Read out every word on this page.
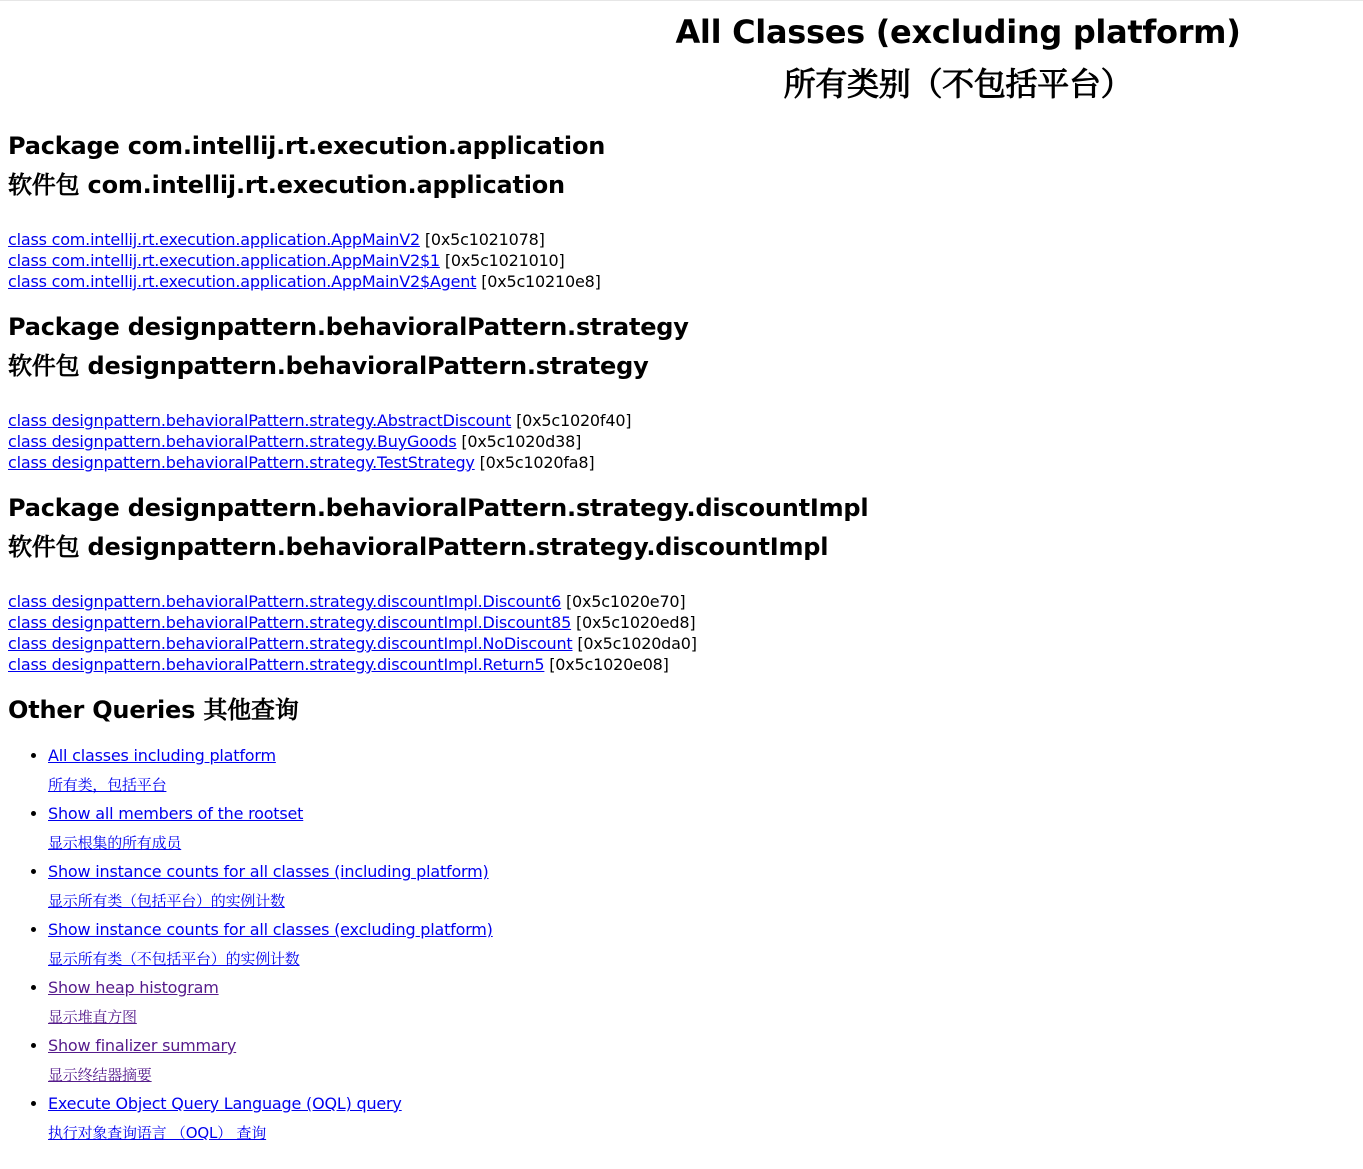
All Classes (excluding platform)
所有类别（不包括平台）
Package com.intellij.rt.execution.application
软件包 com.intellij.rt.execution.application
class com.intellij.rt.execution.application.AppMainV2 [0x5c1021078]
class com.intellij.rt.execution.application.AppMainV2$1 [0x5c1021010]
class com.intellij.rt.execution.application.AppMainV2$Agent [0x5c10210e8]
Package designpattern.behavioralPattern.strategy
软件包 designpattern.behavioralPattern.strategy
class designpattern.behavioralPattern.strategy.AbstractDiscount [0x5c1020f40]
class designpattern.behavioralPattern.strategy.BuyGoods [0x5c1020d38]
class designpattern.behavioralPattern.strategy.TestStrategy [0x5c1020fa8]
Package designpattern.behavioralPattern.strategy.discountImpl
软件包 designpattern.behavioralPattern.strategy.discountImpl
class designpattern.behavioralPattern.strategy.discountImpl.Discount6 [0x5c1020e70]
class designpattern.behavioralPattern.strategy.discountImpl.Discount85 [0x5c1020ed8]
class designpattern.behavioralPattern.strategy.discountImpl.NoDiscount [0x5c1020da0]
class designpattern.behavioralPattern.strategy.discountImpl.Return5 [0x5c1020e08]
Other Queries 其他查询
• All classes including platform
所有类，包括平台
• Show all members of the rootset
显示根集的所有成员
• Show instance counts for all classes (including platform)
显示所有类（包括平台）的实例计数
• Show instance counts for all classes (excluding platform)
显示所有类（不包括平台）的实例计数
• Show heap histogram
显示堆直方图
• Show finalizer summary
显示终结器摘要
• Execute Object Query Language (OQL) query
执行对象查询语言 （OQL） 查询
